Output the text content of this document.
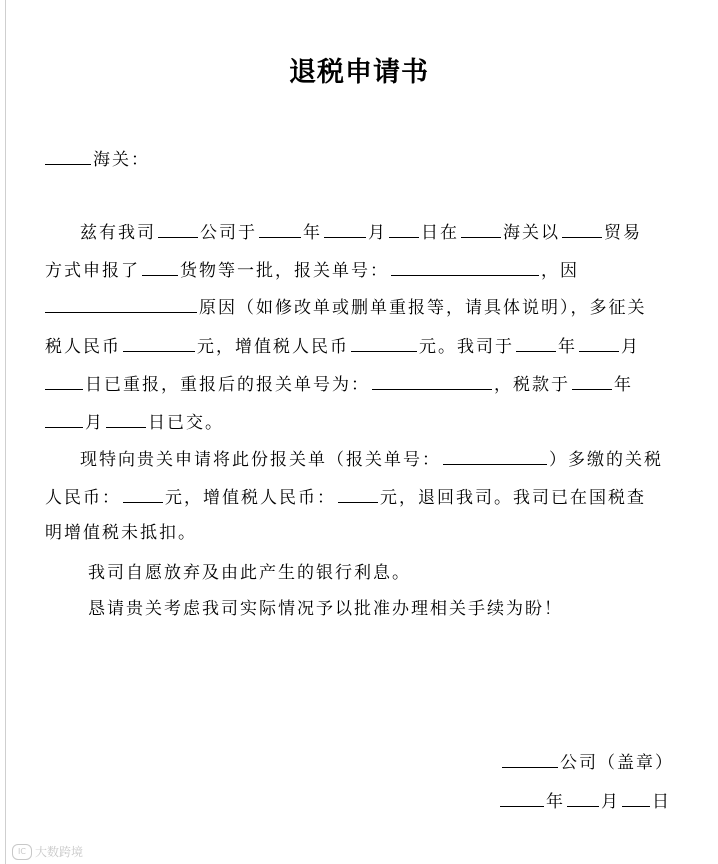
退税申请书
海关：
兹有我司	公司于	年	月 日在	海关以	贸易
方式申报了 货物等一批，报关单号：	，因
原因（如修改单或删单重报等，请具体说明），多征关
税人民币	元，增值税人民币	元。我司于	年	月
日已重报，重报后的报关单号为：	，税款于	年
月	日已交。
现特向贵关申请将此份报关单（报关单号：	）多缴的关税
人民币：	元，增值税人民币：	元，退回我司。我司已在国税查
明增值税未抵扣。
我司自愿放弃及由此产生的银行利息。
恳请贵关考虑我司实际情况予以批准办理相关手续为盼！
公司（盖章）
年 月 日
IC 大数跨境
